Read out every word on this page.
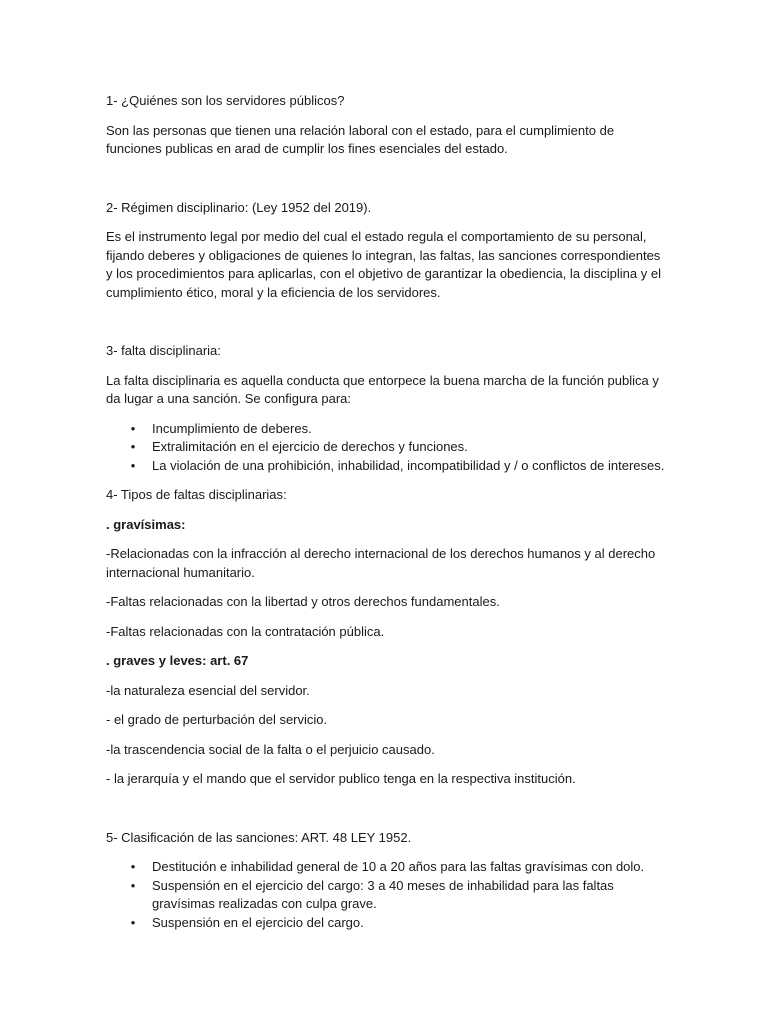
1- ¿Quiénes son los servidores públicos?

Son las personas que tienen una relación laboral con el estado, para el cumplimiento de funciones publicas en arad de cumplir los fines esenciales del estado.

2- Régimen disciplinario: (Ley 1952 del 2019).

Es el instrumento legal por medio del cual el estado regula el comportamiento de su personal, fijando deberes y obligaciones de quienes lo integran, las faltas, las sanciones correspondientes y los procedimientos para aplicarlas, con el objetivo de garantizar la obediencia, la disciplina y el cumplimiento ético, moral y la eficiencia de los servidores.

3- falta disciplinaria:

La falta disciplinaria es aquella conducta que entorpece la buena marcha de la función publica y da lugar a una sanción. Se configura para:

• Incumplimiento de deberes.
• Extralimitación en el ejercicio de derechos y funciones.
• La violación de una prohibición, inhabilidad, incompatibilidad y / o conflictos de intereses.

4- Tipos de faltas disciplinarias:

. gravísimas:

-Relacionadas con la infracción al derecho internacional de los derechos humanos y al derecho internacional humanitario.

-Faltas relacionadas con la libertad y otros derechos fundamentales.

-Faltas relacionadas con la contratación pública.

. graves y leves: art. 67

-la naturaleza esencial del servidor.

- el grado de perturbación del servicio.

-la trascendencia social de la falta o el perjuicio causado.

- la jerarquía y el mando que el servidor publico tenga en la respectiva institución.

5- Clasificación de las sanciones: ART. 48 LEY 1952.

• Destitución e inhabilidad general de 10 a 20 años para las faltas gravísimas con dolo.
• Suspensión en el ejercicio del cargo: 3 a 40 meses de inhabilidad para las faltas gravísimas realizadas con culpa grave.
• Suspensión en el ejercicio del cargo.
